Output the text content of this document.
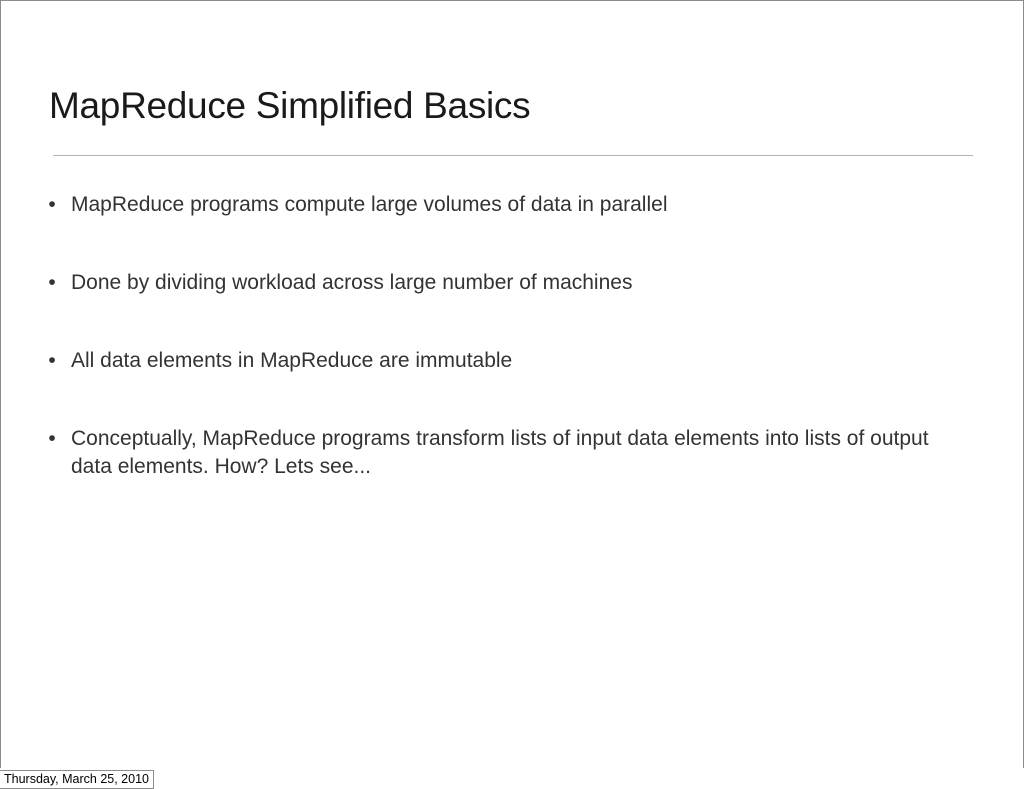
MapReduce Simplified Basics
• MapReduce programs compute large volumes of data in parallel
• Done by dividing workload across large number of machines
• All data elements in MapReduce are immutable
• Conceptually, MapReduce programs transform lists of input data elements into lists of output data elements. How? Lets see...
Thursday, March 25, 2010
